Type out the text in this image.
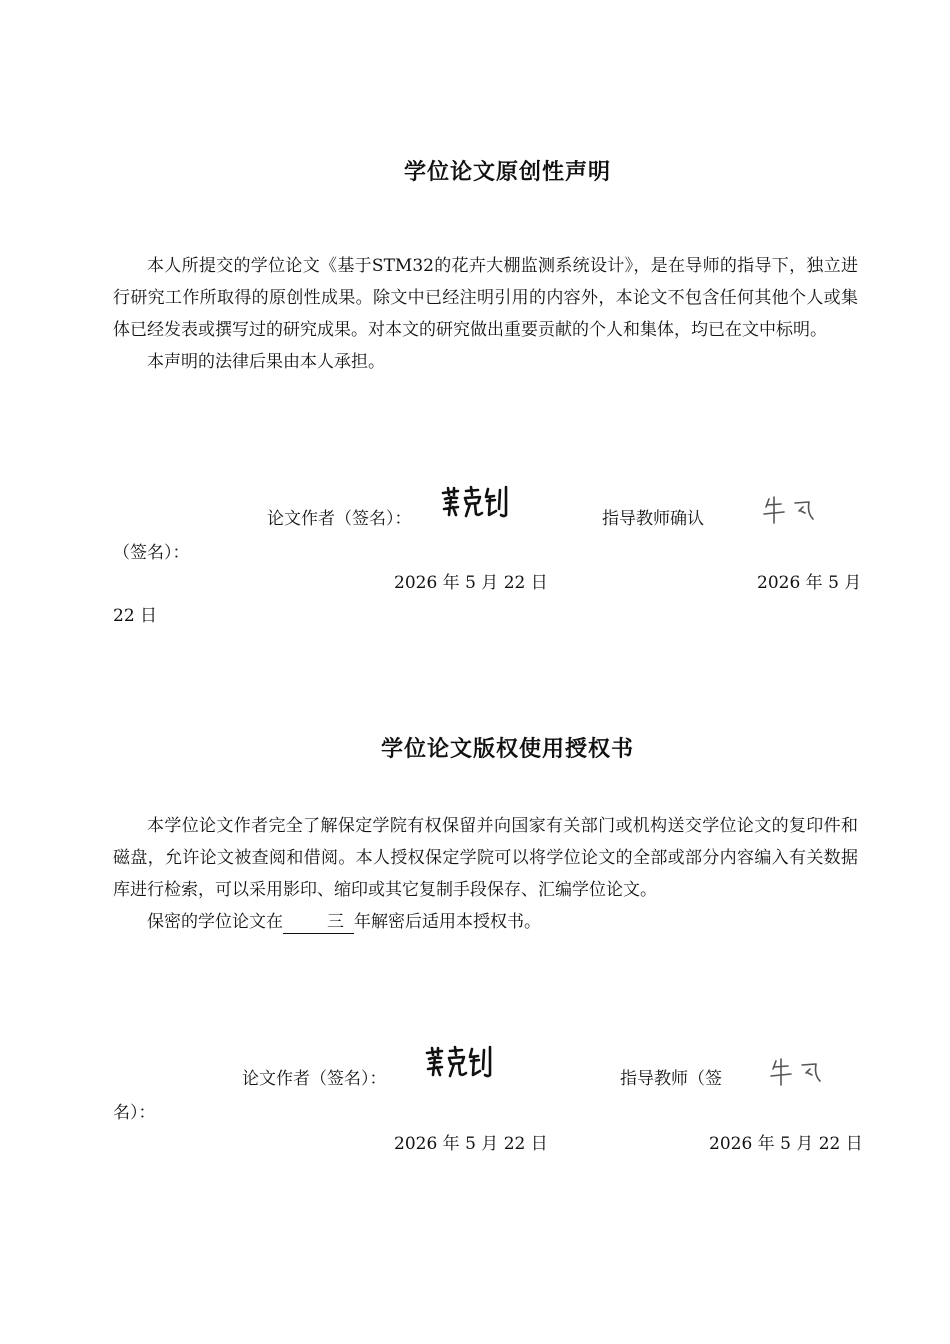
学位论文原创性声明

本人所提交的学位论文《基于STM32的花卉大棚监测系统设计》，是在导师的指导下，独立进行研究工作所取得的原创性成果。除文中已经注明引用的内容外，本论文不包含任何其他个人或集体已经发表或撰写过的研究成果。对本文的研究做出重要贡献的个人和集体，均已在文中标明。

本声明的法律后果由本人承担。

论文作者（签名）：	指导教师确认
（签名）：
2026 年 5 月 22 日	2026 年 5 月
22 日
学位论文版权使用授权书

本学位论文作者完全了解保定学院有权保留并向国家有关部门或机构送交学位论文的复印件和磁盘，允许论文被查阅和借阅。本人授权保定学院可以将学位论文的全部或部分内容编入有关数据库进行检索，可以采用影印、缩印或其它复制手段保存、汇编学位论文。

保密的学位论文在	三 年解密后适用本授权书。

论文作者（签名）：	指导教师（签
名）：
2026 年 5 月 22 日	2026 年 5 月 22 日
